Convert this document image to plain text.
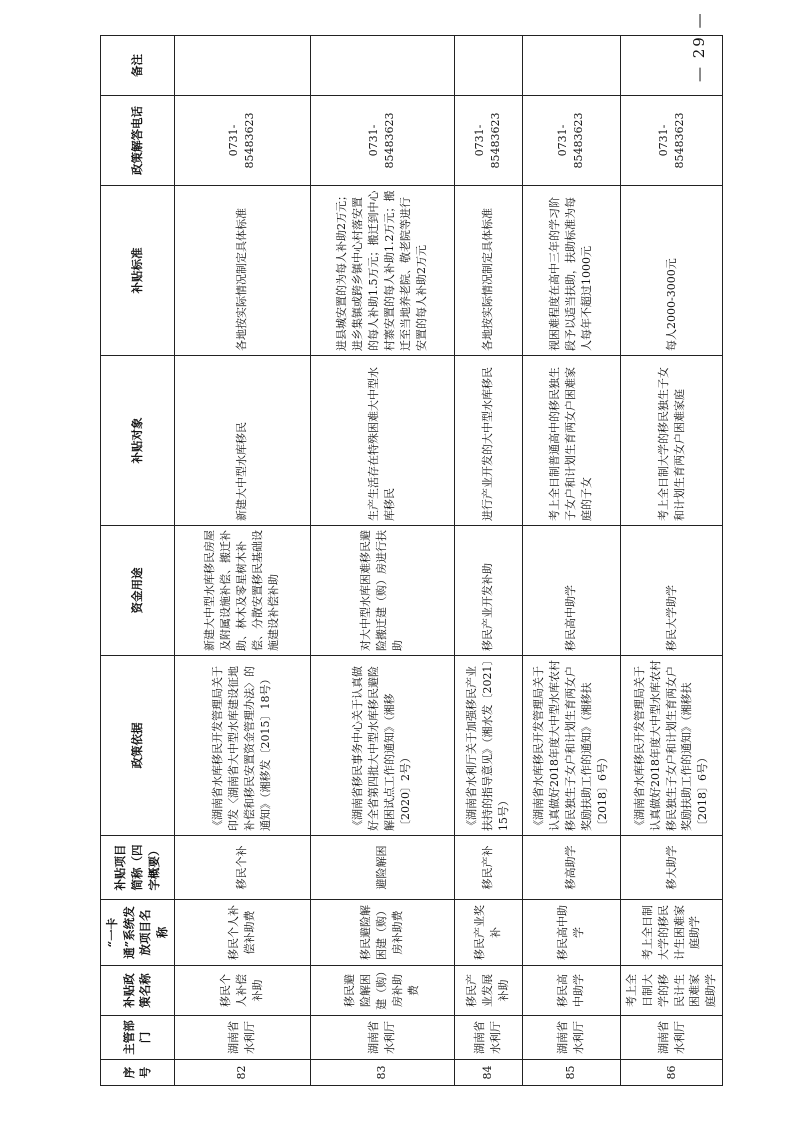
序号	主管部门	补贴政策名称	“一卡通”系统发放项目名称	补贴项目简称（四字概要）	政策依据	资金用途	补贴对象	补贴标准	政策解答电话	备注
82	湖南省水利厅	移民个人补偿补助	移民个人补偿补助费	移民个补	《湖南省水库移民开发管理局关于印发〈湖南省大中型水库建设征地补偿和移民安置资金管理办法〉的通知》（湘移发〔2015〕18号）	新建大中型水库移民房屋及附属设施补偿、搬迁补助、林木及零星树木补偿、分散安置移民基础设施建设补偿补助	新建大中型水库移民	各地按实际情况制定具体标准	0731-85483623	
83	湖南省水利厅	移民避险解困建（购）房补助费	移民避险解困建（购）房补助费	避险解困	《湖南省移民事务中心关于认真做好全省第四批大中型水库移民避险解困试点工作的通知》（湘移〔2020〕2号）	对大中型水库困难移民避险搬迁建（购）房进行扶助	生产生活存在特殊困难大中型水库移民	进县城安置的为每人补助2万元；进乡集镇或跨乡镇中心村落安置的每人补助1.5万元；搬迁到中心村寨安置的每人补助1.2万元；搬迁至当地养老院、敬老院等进行安置的每人补助2万元	0731-85483623	
84	湖南省水利厅	移民产业发展补助	移民产业奖补	移民产补	《湖南省水利厅关于加强移民产业扶持的指导意见》（湘水发〔2021〕15号）	移民产业开发补助	进行产业开发的大中型水库移民	各地按实际情况制定具体标准	0731-85483623	
85	湖南省水利厅	移民高中助学	移民高中助学	移高助学	《湖南省水库移民开发管理局关于认真做好2018年度大中型水库农村移民独生子女户和计划生育两女户奖励扶助工作的通知》（湘移扶〔2018〕6号）	移民高中助学	考上全日制普通高中的移民独生子女户和计划生育两女户困难家庭的子女	视困难程度在高中三年的学习阶段予以适当扶助，扶助标准为每人每年不超过1000元	0731-85483623	
86	湖南省水利厅	考上全日制大学的移民计生困难家庭助学	考上全日制大学的移民计生困难家庭助学	移大助学	《湖南省水库移民开发管理局关于认真做好2018年度大中型水库农村移民独生子女户和计划生育两女户奖励扶助工作的通知》（湘移扶〔2018〕6号）	移民大学助学	考上全日制大学的移民独生子女和计划生育两女户困难家庭	每人2000-3000元	0731-85483623	
— 29 —
